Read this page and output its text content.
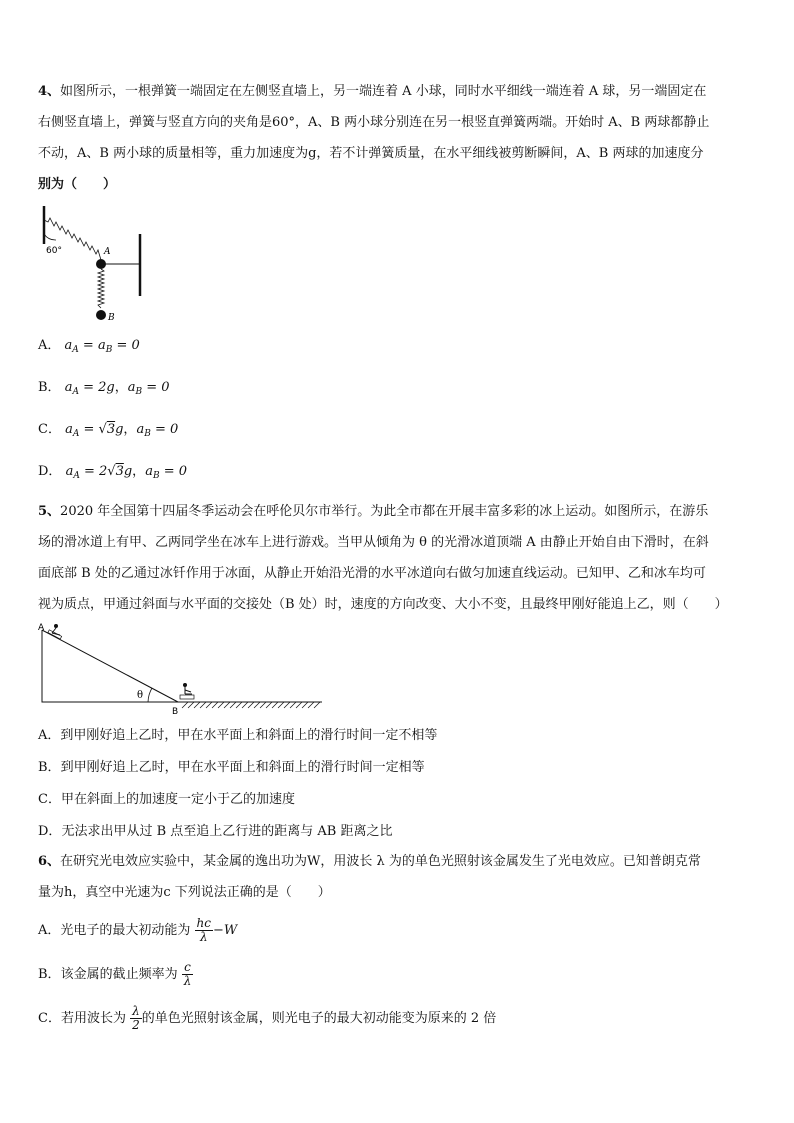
4、如图所示，一根弹簧一端固定在左侧竖直墙上，另一端连着 A 小球，同时水平细线一端连着 A 球，另一端固定在
右侧竖直墙上，弹簧与竖直方向的夹角是60°，A、B 两小球分别连在另一根竖直弹簧两端。开始时 A、B 两球都静止
不动，A、B 两小球的质量相等，重力加速度为g，若不计弹簧质量，在水平细线被剪断瞬间，A、B 两球的加速度分
别为（　　）
60°	A
B
A． $a_A = a_B = 0$
B． $a_A = 2g$，$a_B = 0$
C． $a_A = √3g$，$a_B = 0$
D． $a_A = 2√3g$，$a_B = 0$
5、2020 年全国第十四届冬季运动会在呼伦贝尔市举行。为此全市都在开展丰富多彩的冰上运动。如图所示，在游乐
场的滑冰道上有甲、乙两同学坐在冰车上进行游戏。当甲从倾角为 θ 的光滑冰道顶端 A 由静止开始自由下滑时，在斜
面底部 B 处的乙通过冰钎作用于冰面，从静止开始沿光滑的水平冰道向右做匀加速直线运动。已知甲、乙和冰车均可
视为质点，甲通过斜面与水平面的交接处（B 处）时，速度的方向改变、大小不变，且最终甲刚好能追上乙，则（　　）
θ
A
B
A．到甲刚好追上乙时，甲在水平面上和斜面上的滑行时间一定不相等
B．到甲刚好追上乙时，甲在水平面上和斜面上的滑行时间一定相等
C．甲在斜面上的加速度一定小于乙的加速度
D．无法求出甲从过 B 点至追上乙行进的距离与 AB 距离之比
6、在研究光电效应实验中，某金属的逸出功为W，用波长 λ 为的单色光照射该金属发生了光电效应。已知普朗克常
量为h，真空中光速为c 下列说法正确的是（　　）
A．光电子的最大初动能为 $\frac{hc}{\lambda} -W$
B．该金属的截止频率为 $\frac{c}{\lambda}$
C．若用波长为 $\frac{\lambda}{2}$ 的单色光照射该金属，则光电子的最大初动能变为原来的 2 倍
